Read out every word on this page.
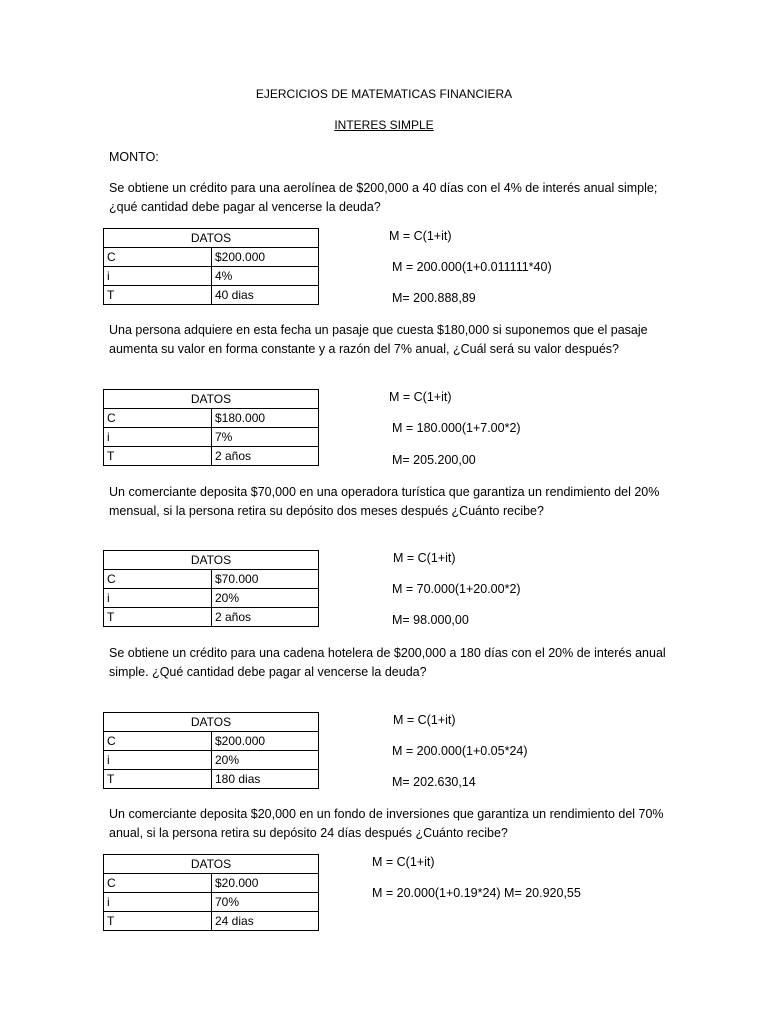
EJERCICIOS DE MATEMATICAS FINANCIERA
INTERES SIMPLE
MONTO:
Se obtiene un crédito para una aerolínea de $200,000 a 40 días con el 4% de interés anual simple; ¿qué cantidad debe pagar al vencerse la deuda?
DATOS	
C	$200.000
i	4%
T	40 dias
M = C(1+it)
M = 200.000(1+0.011111*40)
M= 200.888,89
Una persona adquiere en esta fecha un pasaje que cuesta $180,000 si suponemos que el pasaje aumenta su valor en forma constante y a razón del 7% anual, ¿Cuál será su valor después?
DATOS	
C	$180.000
i	7%
T	2 años
M = C(1+it)
M = 180.000(1+7.00*2)
M= 205.200,00
Un comerciante deposita $70,000 en una operadora turística que garantiza un rendimiento del 20% mensual, si la persona retira su depósito dos meses después ¿Cuánto recibe?
DATOS	
C	$70.000
i	20%
T	2 años
M = C(1+it)
M = 70.000(1+20.00*2)
M= 98.000,00
Se obtiene un crédito para una cadena hotelera de $200,000 a 180 días con el 20% de interés anual simple. ¿Qué cantidad debe pagar al vencerse la deuda?
DATOS	
C	$200.000
i	20%
T	180 dias
M = C(1+it)
M = 200.000(1+0.05*24)
M= 202.630,14
Un comerciante deposita $20,000 en un fondo de inversiones que garantiza un rendimiento del 70% anual, si la persona retira su depósito 24 días después ¿Cuánto recibe?
DATOS	
C	$20.000
i	70%
T	24 dias
M = C(1+it)
M = 20.000(1+0.19*24) M= 20.920,55
